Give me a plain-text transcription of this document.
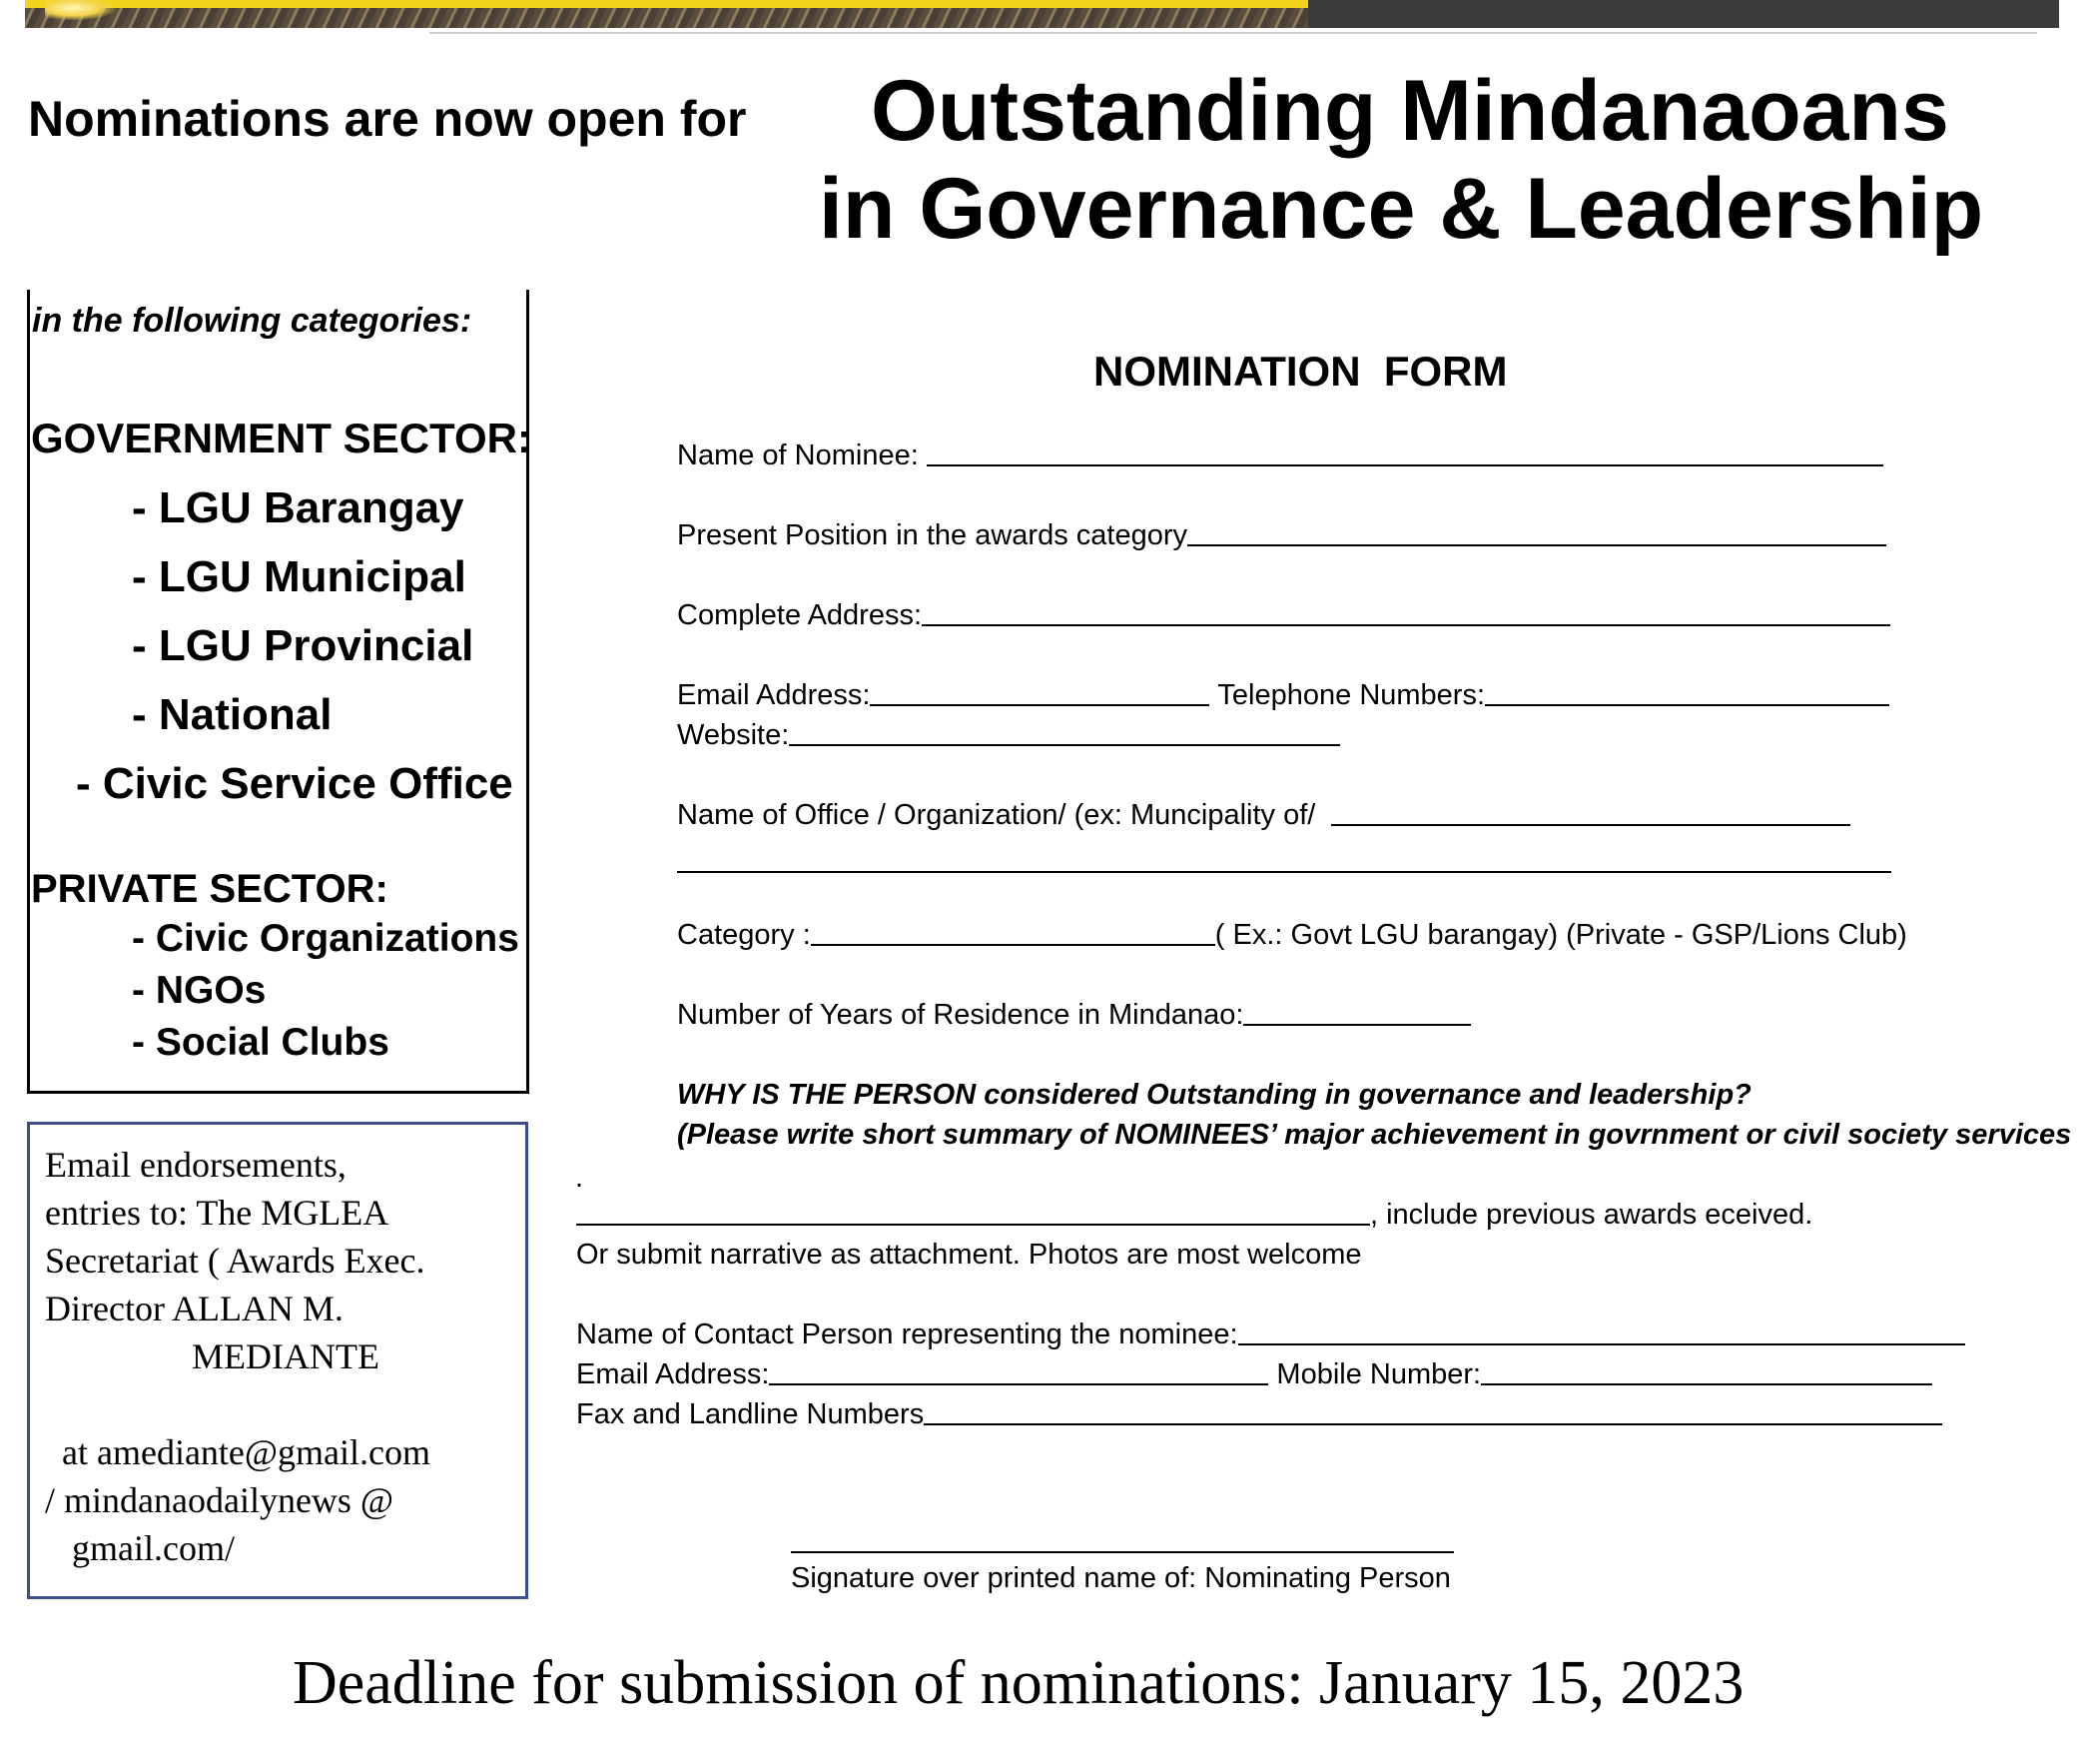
Nominations are now open for Outstanding Mindanaoans
in Governance & Leadership
in the following categories:
GOVERNMENT SECTOR:
- LGU Barangay
- LGU Municipal
- LGU Provincial
- National
- Civic Service Office
PRIVATE SECTOR:
- Civic Organizations
- NGOs
- Social Clubs
Email endorsements,
entries to: The MGLEA
Secretariat ( Awards Exec.
Director ALLAN M.
MEDIANTE
at amediante@gmail.com
/ mindanaodailynews @
gmail.com/
NOMINATION  FORM
Name of Nominee:
Present Position in the awards category
Complete Address:
Email Address:	Telephone Numbers:
Website:
Name of Office / Organization/ (ex: Muncipality of/
Category :	( Ex.: Govt LGU barangay) (Private - GSP/Lions Club)
Number of Years of Residence in Mindanao:
WHY IS THE PERSON considered Outstanding in governance and leadership?
(Please write short summary of NOMINEES’ major achievement in govrnment or civil society services
.
, include previous awards eceived.
Or submit narrative as attachment. Photos are most welcome
Name of Contact Person representing the nominee:
Email Address:	Mobile Number:
Fax and Landline Numbers
Signature over printed name of: Nominating Person
Deadline for submission of nominations: January 15, 2023
